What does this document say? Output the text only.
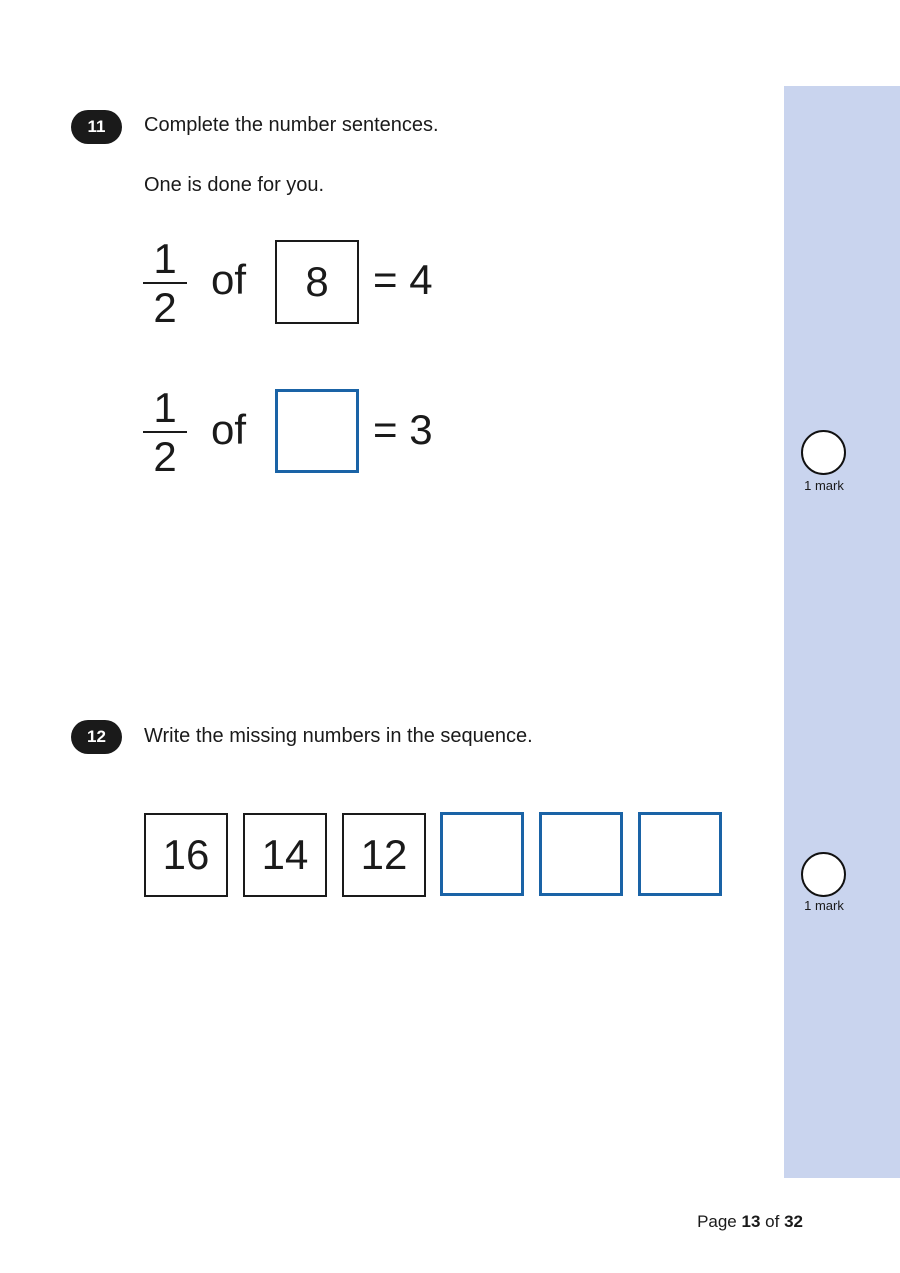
1 mark
1 mark
11	Complete the number sentences.
One is done for you.
1
2
of	8	= 4
1
2
of	= 3
12	Write the missing numbers in the sequence.
16	14	12
Page 13 of 32
